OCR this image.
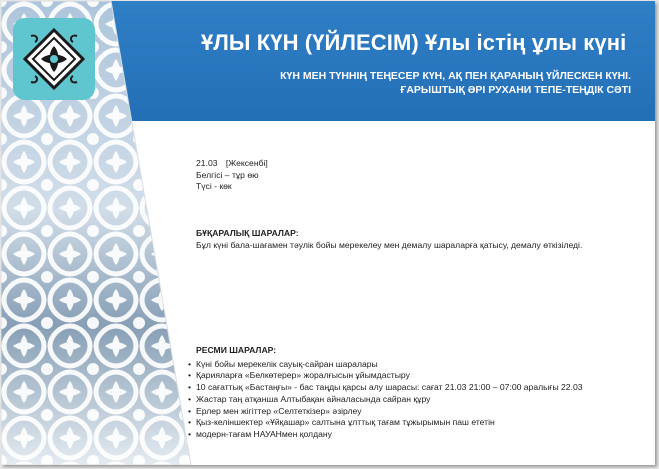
ҰЛЫ КҮН (ҮЙЛЕСІМ) Ұлы істің ұлы күні
КҮН МЕН ТҮННІҢ ТЕҢЕСЕР КҮН, АҚ ПЕН ҚАРАНЫҢ ҮЙЛЕСКЕН КҮНІ.
ҒАРЫШТЫҚ ӘРІ РУХАНИ ТЕПЕ-ТЕҢДІК СӘТІ
21.03 [Жексенбі]
Белгісі – тұр өю
Түсі - көк
БҰҚАРАЛЫҚ ШАРАЛАР:
Бұл күні бала-шағамен тәулік бойы мерекелеу мен демалу шараларға қатысу, демалу өткізіледі.
РЕСМИ ШАРАЛАР:
• Күні бойы мерекелік сауық-сайран шаралары
• Қарияларға «Белкөтерер» жоралғысын ұйымдастыру
• 10 сағаттық «Бастаңғы» - бас таңды қарсы алу шарасы: сағат 21.03 21:00 – 07:00 аралығы 22.03
• Жастар таң атқанша Алтыбақан айналасында сайран құру
• Ерлер мен жігіттер «Селтеткізер» әзірлеу
• Қыз-келіншектер «Ұйқашар» салтына ұлттық тағам тұжырымын паш ететін
• модерн-тағам НАУАНмен қолдану
